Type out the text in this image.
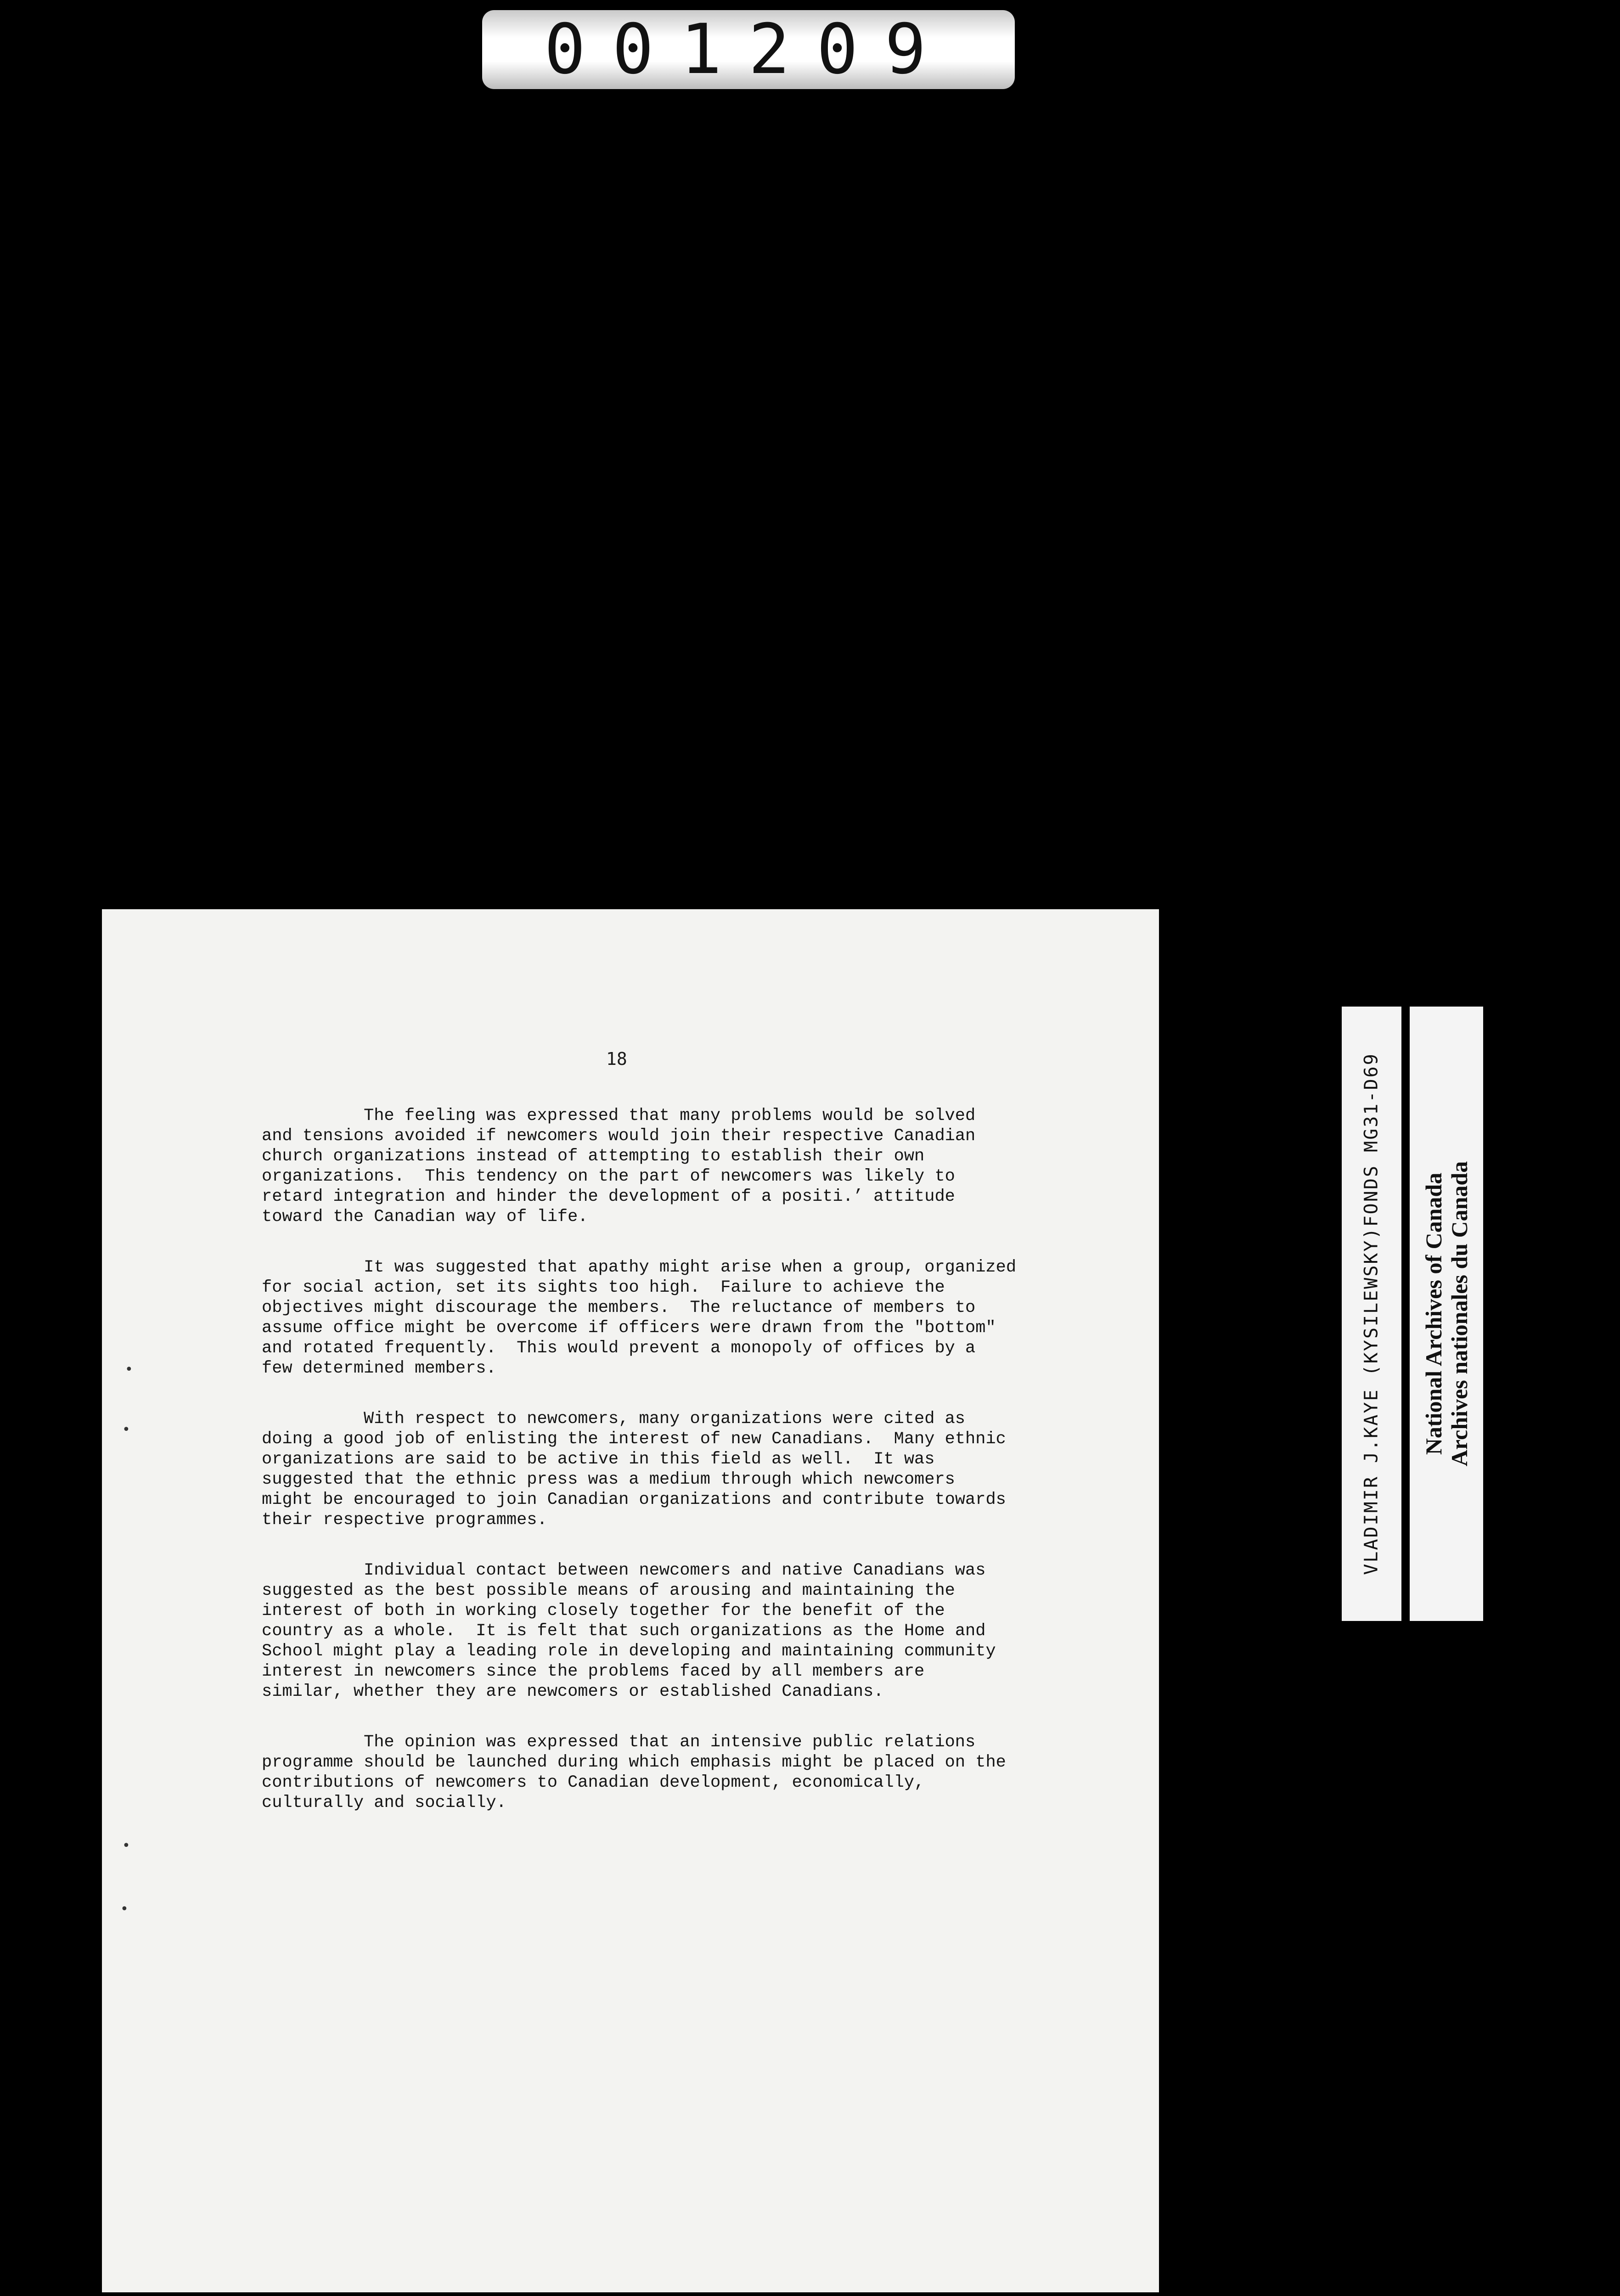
001209
18
The feeling was expressed that many problems would be solved
and tensions avoided if newcomers would join their respective Canadian
church organizations instead of attempting to establish their own
organizations.  This tendency on the part of newcomers was likely to
retard integration and hinder the development of a positi.’ attitude
toward the Canadian way of life.
It was suggested that apathy might arise when a group, organized
for social action, set its sights too high.  Failure to achieve the
objectives might discourage the members.  The reluctance of members to
assume office might be overcome if officers were drawn from the "bottom"
and rotated frequently.  This would prevent a monopoly of offices by a
few determined members.
With respect to newcomers, many organizations were cited as
doing a good job of enlisting the interest of new Canadians.  Many ethnic
organizations are said to be active in this field as well.  It was
suggested that the ethnic press was a medium through which newcomers
might be encouraged to join Canadian organizations and contribute towards
their respective programmes.
Individual contact between newcomers and native Canadians was
suggested as the best possible means of arousing and maintaining the
interest of both in working closely together for the benefit of the
country as a whole.  It is felt that such organizations as the Home and
School might play a leading role in developing and maintaining community
interest in newcomers since the problems faced by all members are
similar, whether they are newcomers or established Canadians.
The opinion was expressed that an intensive public relations
programme should be launched during which emphasis might be placed on the
contributions of newcomers to Canadian development, economically,
culturally and socially.
•
•
•
•
VLADIMIR J.KAYE (KYSILEWSKY)FONDS MG31-D69 National Archives of Canada Archives nationales du Canada
